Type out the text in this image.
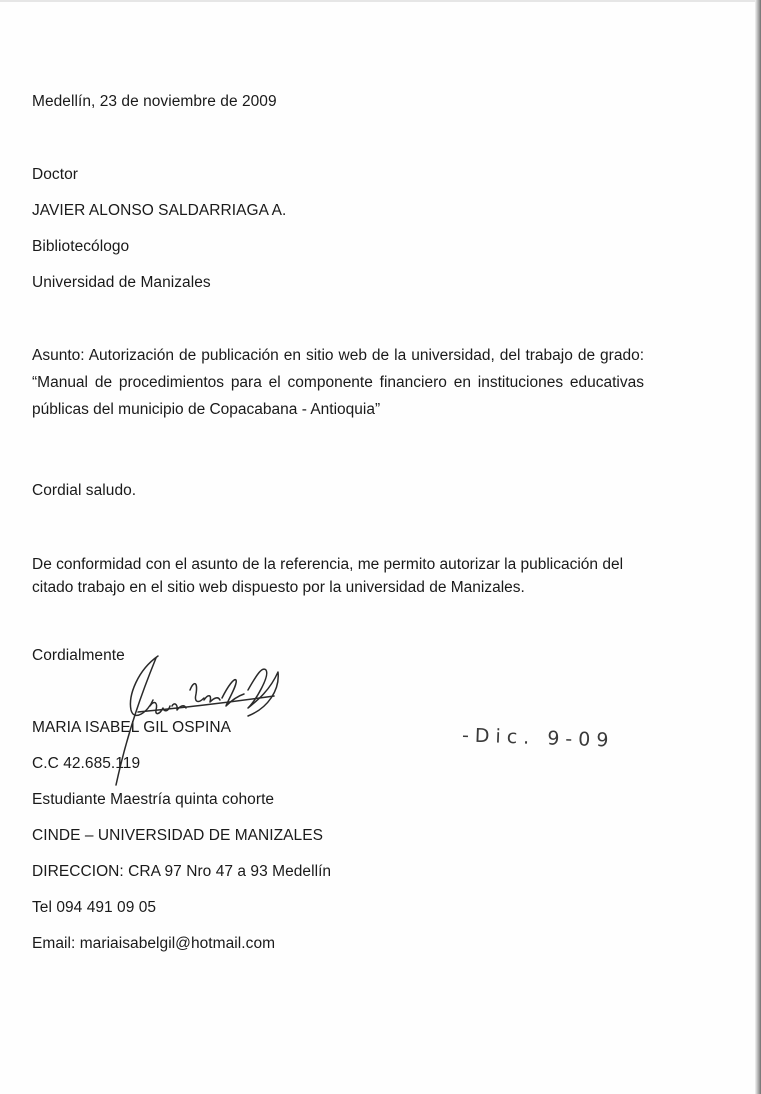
Medellín, 23 de noviembre de 2009
Doctor
JAVIER ALONSO SALDARRIAGA A.
Bibliotecólogo
Universidad de Manizales
Asunto: Autorización de publicación en sitio web de la universidad, del trabajo de grado: “Manual de procedimientos para el componente financiero en instituciones educativas públicas del municipio de Copacabana - Antioquia”
Cordial saludo.
De conformidad con el asunto de la referencia, me permito autorizar la publicación del citado trabajo en el sitio web dispuesto por la universidad de Manizales.
Cordialmente
MARIA ISABEL GIL OSPINA
C.C 42.685.119
Estudiante Maestría quinta cohorte
CINDE – UNIVERSIDAD DE MANIZALES
DIRECCION: CRA 97 Nro 47 a 93 Medellín
Tel 094 491 09 05
Email: mariaisabelgil@hotmail.com
-Dic. 9-09
